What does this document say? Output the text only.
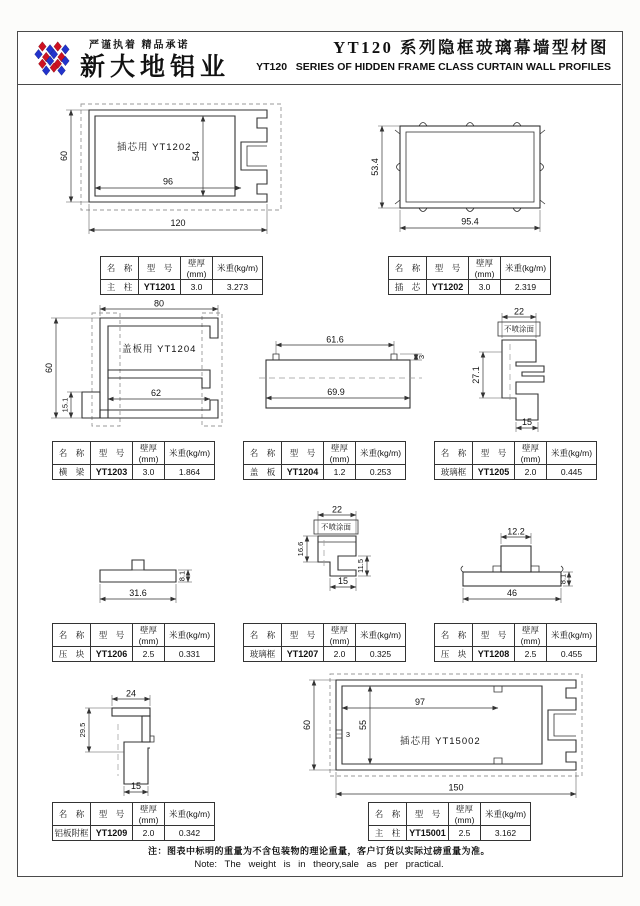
严谨执着 精品承诺
新大地铝业
YT120 系列隐框玻璃幕墙型材图
YT120   SERIES OF HIDDEN FRAME CLASS CURTAIN WALL PROFILES
60
120
96
54
插芯用 YT1202
53.4
95.4
80
60
15.1
62
盖板用 YT1204
61.6
3
69.9
22
不喷涂面
27.1
15
31.6
8.1
22
不喷涂面
16.6
11.5
15
12.2
46
8.1
24
29.5
15
60
97
55
3
插芯用 YT15002
150
名　称	型　号	壁厚(mm)	米重(kg/m)
主　柱	YT1201	3.0	3.273
名　称	型　号	壁厚(mm)	米重(kg/m)
插　芯	YT1202	3.0	2.319
名　称	型　号	壁厚(mm)	米重(kg/m)
横　梁	YT1203	3.0	1.864
名　称	型　号	壁厚(mm)	米重(kg/m)
盖　板	YT1204	1.2	0.253
名　称	型　号	壁厚(mm)	米重(kg/m)
玻璃框	YT1205	2.0	0.445
名　称	型　号	壁厚(mm)	米重(kg/m)
压　块	YT1206	2.5	0.331
名　称	型　号	壁厚(mm)	米重(kg/m)
玻璃框	YT1207	2.0	0.325
名　称	型　号	壁厚(mm)	米重(kg/m)
压　块	YT1208	2.5	0.455
名　称	型　号	壁厚(mm)	米重(kg/m)
铝板附框	YT1209	2.0	0.342
名　称	型　号	壁厚(mm)	米重(kg/m)
主　柱	YT15001	2.5	3.162
注：图表中标明的重量为不含包装物的理论重量，客户订货以实际过磅重量为准。
Note: The weight is in theory,sale as per practical.
